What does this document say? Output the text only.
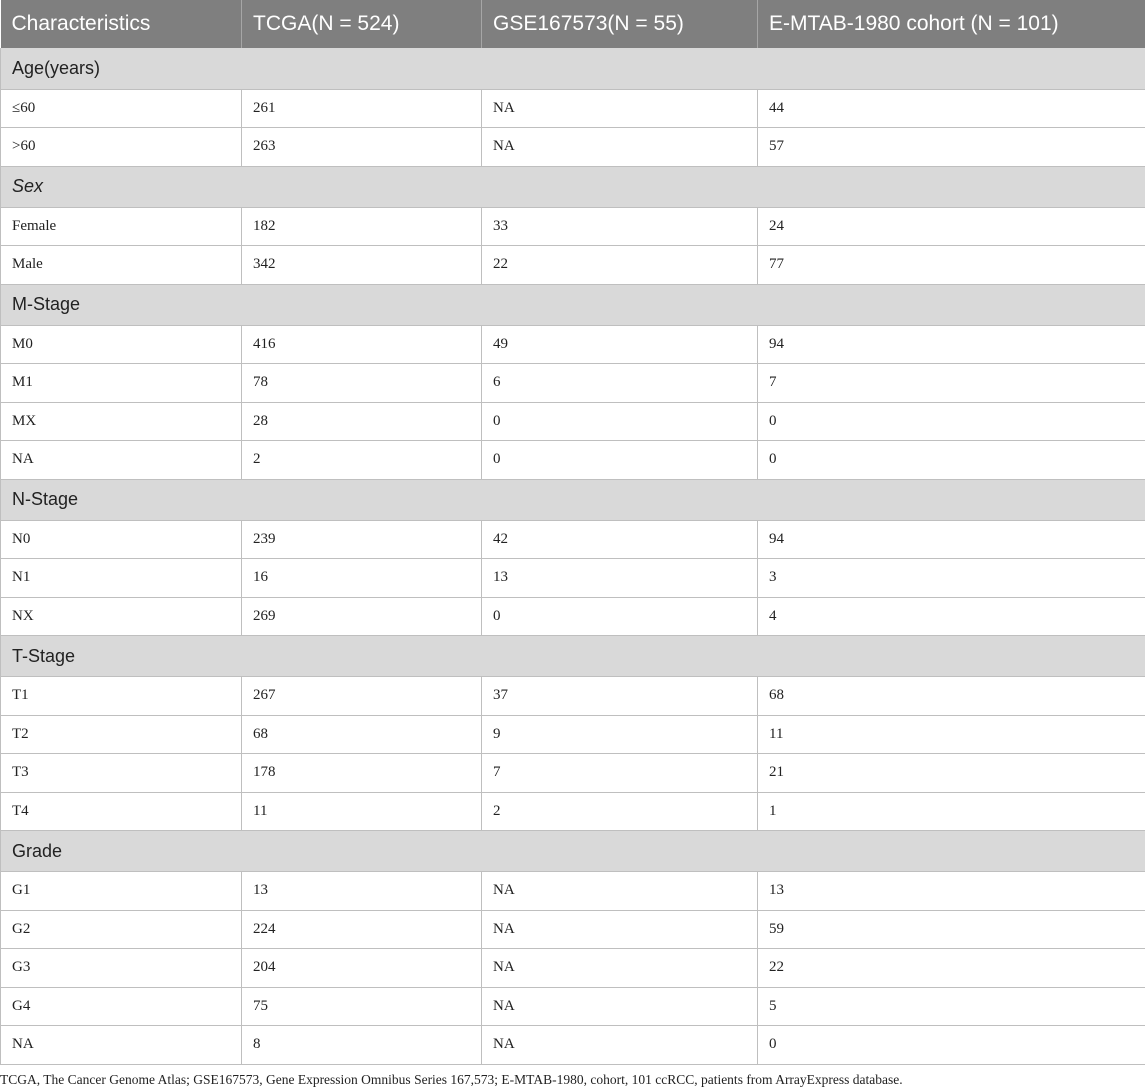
Characteristics	TCGA(N = 524)	GSE167573(N = 55)	E-MTAB-1980 cohort (N = 101)
Age(years)			
≤60	261	NA	44
>60	263	NA	57
Sex			
Female	182	33	24
Male	342	22	77
M-Stage			
M0	416	49	94
M1	78	6	7
MX	28	0	0
NA	2	0	0
N-Stage			
N0	239	42	94
N1	16	13	3
NX	269	0	4
T-Stage			
T1	267	37	68
T2	68	9	11
T3	178	7	21
T4	11	2	1
Grade			
G1	13	NA	13
G2	224	NA	59
G3	204	NA	22
G4	75	NA	5
NA	8	NA	0
TCGA, The Cancer Genome Atlas; GSE167573, Gene Expression Omnibus Series 167,573; E-MTAB-1980, cohort, 101 ccRCC, patients from ArrayExpress database.
